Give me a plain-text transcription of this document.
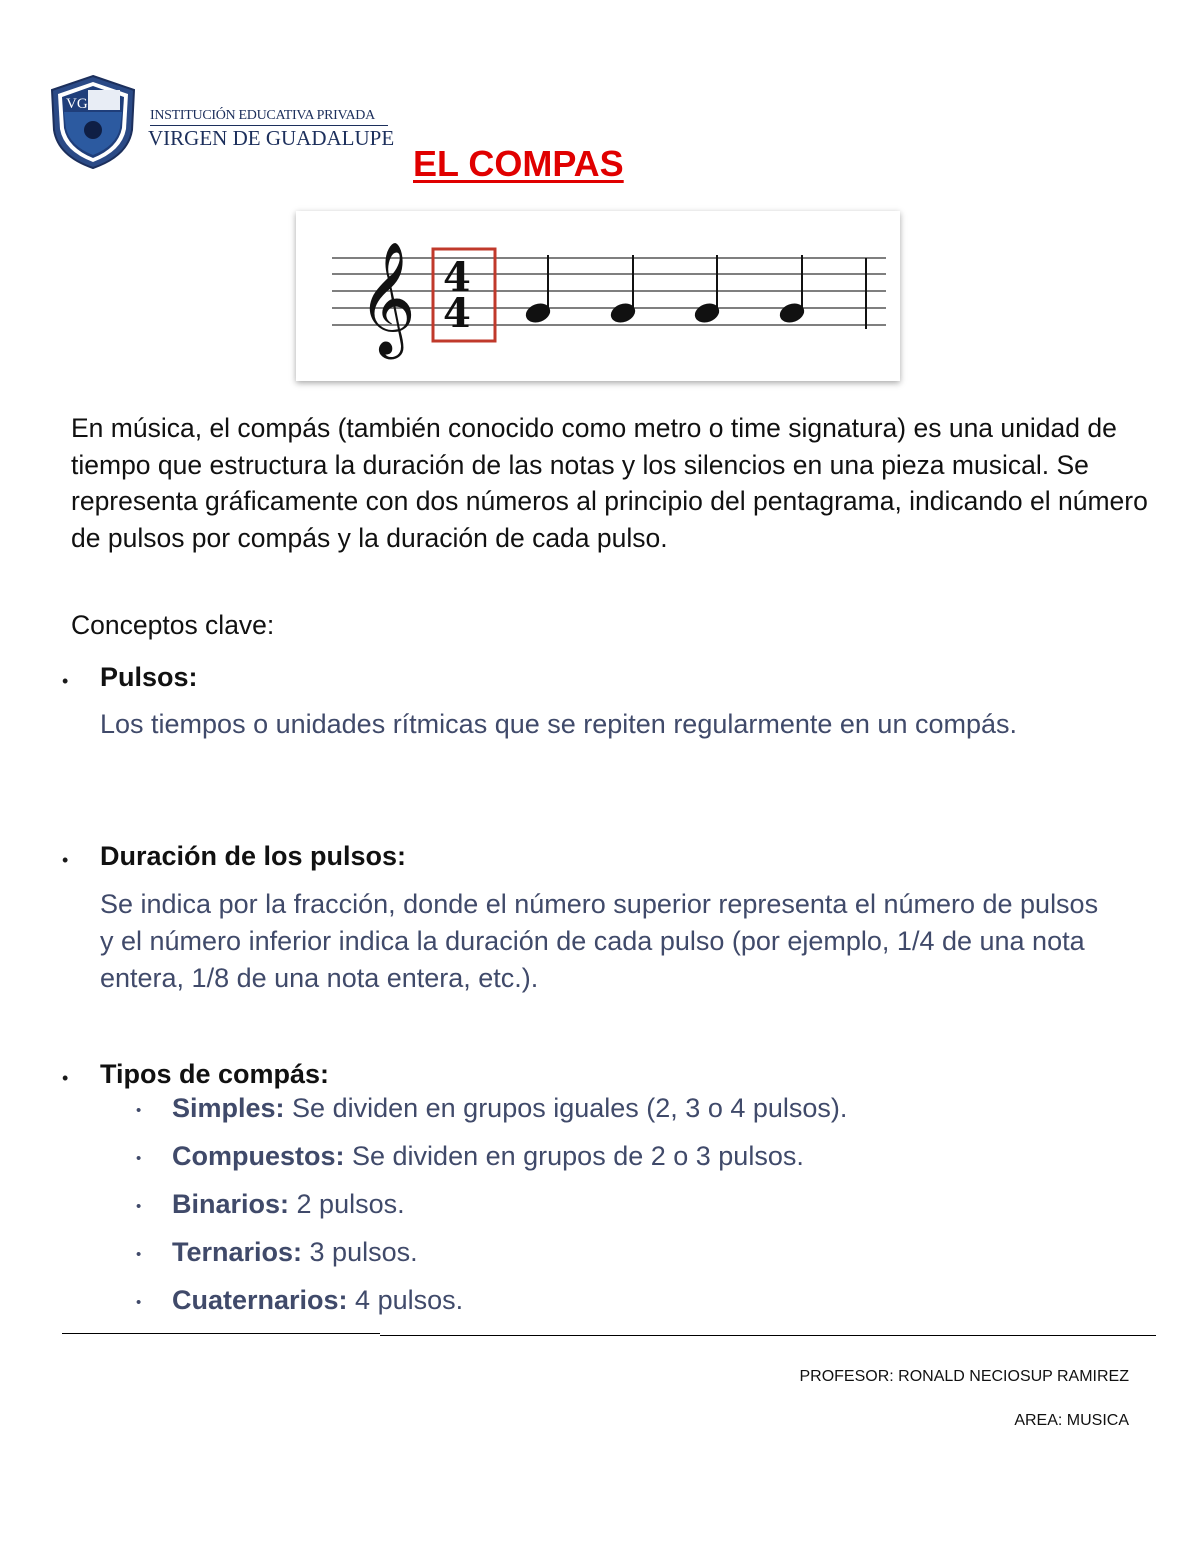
VG
INSTITUCIÓN EDUCATIVA PRIVADA
VIRGEN DE GUADALUPE
EL COMPAS
𝄞 4
4
En música, el compás (también conocido como metro o time signatura) es una unidad de tiempo que estructura la duración de las notas y los silencios en una pieza musical. Se representa gráficamente con dos números al principio del pentagrama, indicando el número de pulsos por compás y la duración de cada pulso.
Conceptos clave:
• Pulsos:
Los tiempos o unidades rítmicas que se repiten regularmente en un compás.
• Duración de los pulsos:
Se indica por la fracción, donde el número superior representa el número de pulsos y el número inferior indica la duración de cada pulso (por ejemplo, 1/4 de una nota entera, 1/8 de una nota entera, etc.).
• Tipos de compás:
• Simples: Se dividen en grupos iguales (2, 3 o 4 pulsos).
• Compuestos: Se dividen en grupos de 2 o 3 pulsos.
• Binarios: 2 pulsos.
• Ternarios: 3 pulsos.
• Cuaternarios: 4 pulsos.
PROFESOR: RONALD NECIOSUP RAMIREZ
AREA: MUSICA
